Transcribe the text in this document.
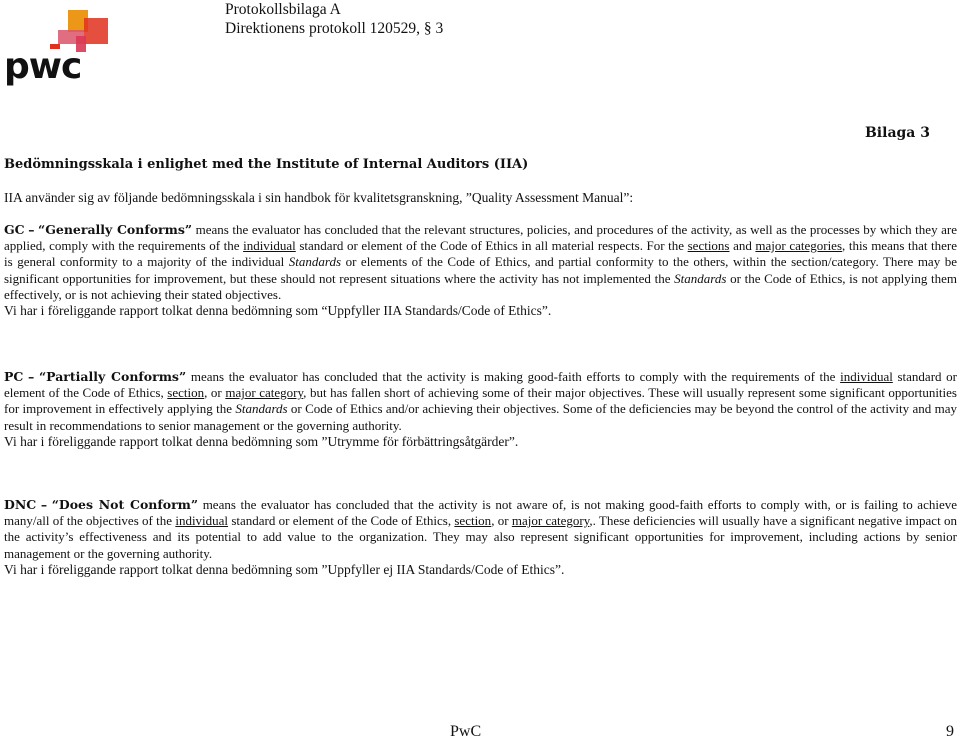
pwc
Protokollsbilaga A
Direktionens protokoll 120529, § 3
Bilaga 3
Bedömningsskala i enlighet med the Institute of Internal Auditors (IIA)
IIA använder sig av följande bedömningsskala i sin handbok för kvalitetsgranskning, ”Quality Assessment Manual”:
GC – “Generally Conforms” means the evaluator has concluded that the relevant structures, policies, and procedures of the activity, as well as the processes by which they are applied, comply with the requirements of the individual standard or element of the Code of Ethics in all material respects. For the sections and major categories, this means that there is general conformity to a majority of the individual Standards or elements of the Code of Ethics, and partial conformity to the others, within the section/category. There may be significant opportunities for improvement, but these should not represent situations where the activity has not implemented the Standards or the Code of Ethics, is not applying them effectively, or is not achieving their stated objectives.
Vi har i föreliggande rapport tolkat denna bedömning som “Uppfyller IIA Standards/Code of Ethics”.
PC – “Partially Conforms” means the evaluator has concluded that the activity is making good-faith efforts to comply with the requirements of the individual standard or element of the Code of Ethics, section, or major category, but has fallen short of achieving some of their major objectives. These will usually represent some significant opportunities for improvement in effectively applying the Standards or Code of Ethics and/or achieving their objectives. Some of the deficiencies may be beyond the control of the activity and may result in recommendations to senior management or the governing authority.
Vi har i föreliggande rapport tolkat denna bedömning som ”Utrymme för förbättringsåtgärder”.
DNC – “Does Not Conform” means the evaluator has concluded that the activity is not aware of, is not making good-faith efforts to comply with, or is failing to achieve many/all of the objectives of the individual standard or element of the Code of Ethics, section, or major category,. These deficiencies will usually have a significant negative impact on the activity’s effectiveness and its potential to add value to the organization. They may also represent significant opportunities for improvement, including actions by senior management or the governing authority.
Vi har i föreliggande rapport tolkat denna bedömning som ”Uppfyller ej IIA Standards/Code of Ethics”.
PwC	9
